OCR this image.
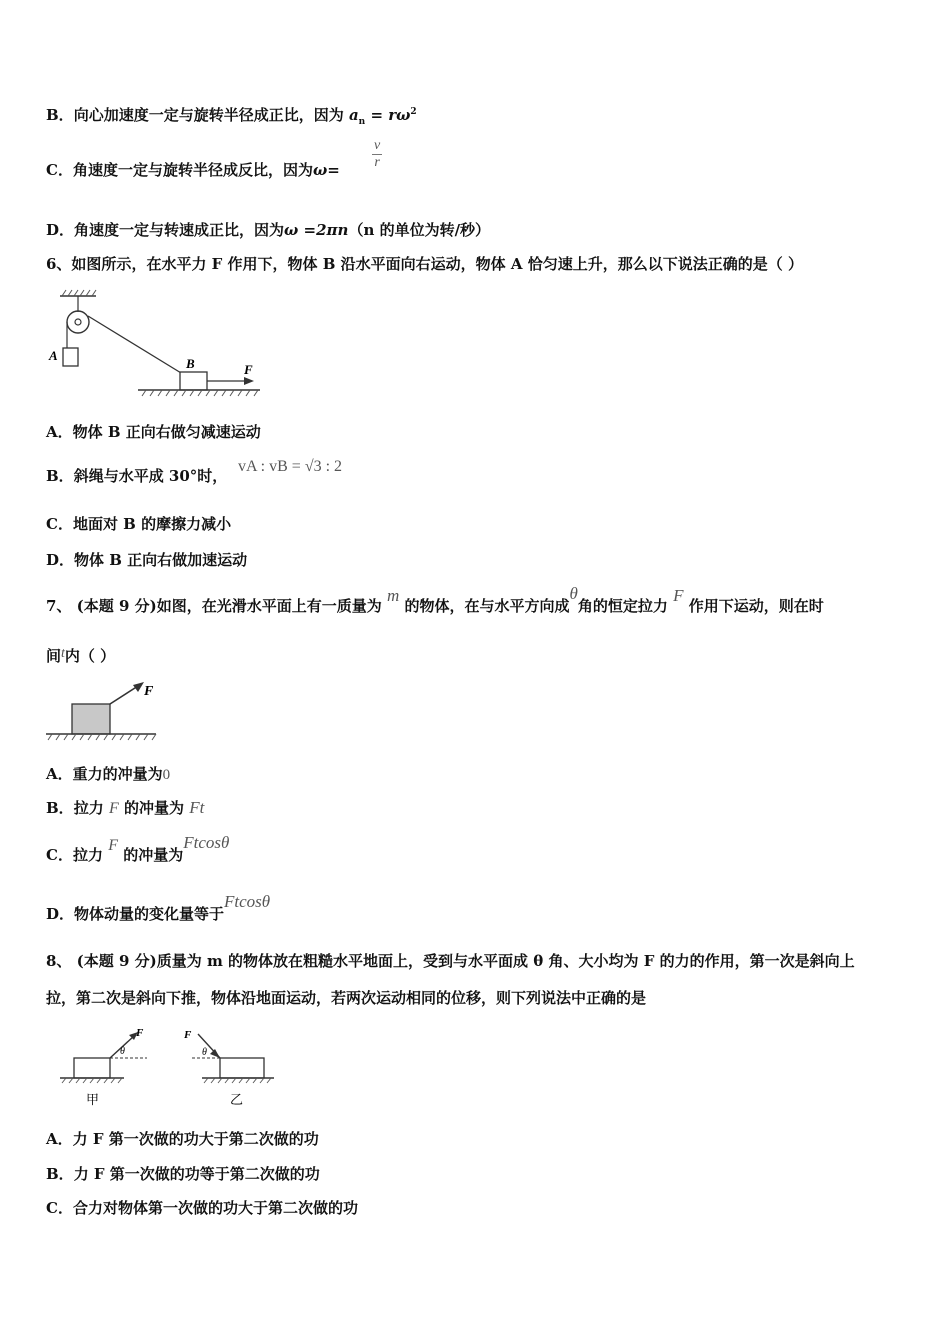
B．向心加速度一定与旋转半径成正比，因为 $a_n = r\omega^2$
C．角速度一定与旋转半径成反比，因为$\omega= \frac{v}{r}$
D．角速度一定与转速成正比，因为ω =2πn（n 的单位为转/秒）
6、如图所示，在水平力 F 作用下，物体 B 沿水平面向右运动，物体 A 恰匀速上升，那么以下说法正确的是（ ）
A
B	F
A．物体 B 正向右做匀减速运动
B．斜绳与水平成 30°时，
vA : vB = √3 : 2
C．地面对 B 的摩擦力减小
D．物体 B 正向右做加速运动
7、 (本题 9 分)如图，在光滑水平面上有一质量为 m 的物体，在与水平方向成θ角的恒定拉力 F 作用下运动，则在时
间t内（ ）
F
A．重力的冲量为0
B．拉力 F 的冲量为 Ft
C．拉力 F 的冲量为Ftcosθ
D．物体动量的变化量等于Ftcosθ
8、 (本题 9 分)质量为 m 的物体放在粗糙水平地面上，受到与水平面成 θ 角、大小均为 F 的力的作用，第一次是斜向上
拉，第二次是斜向下推，物体沿地面运动，若两次运动相同的位移，则下列说法中正确的是
F
θ
甲
F
θ
乙
A．力 F 第一次做的功大于第二次做的功
B．力 F 第一次做的功等于第二次做的功
C．合力对物体第一次做的功大于第二次做的功
